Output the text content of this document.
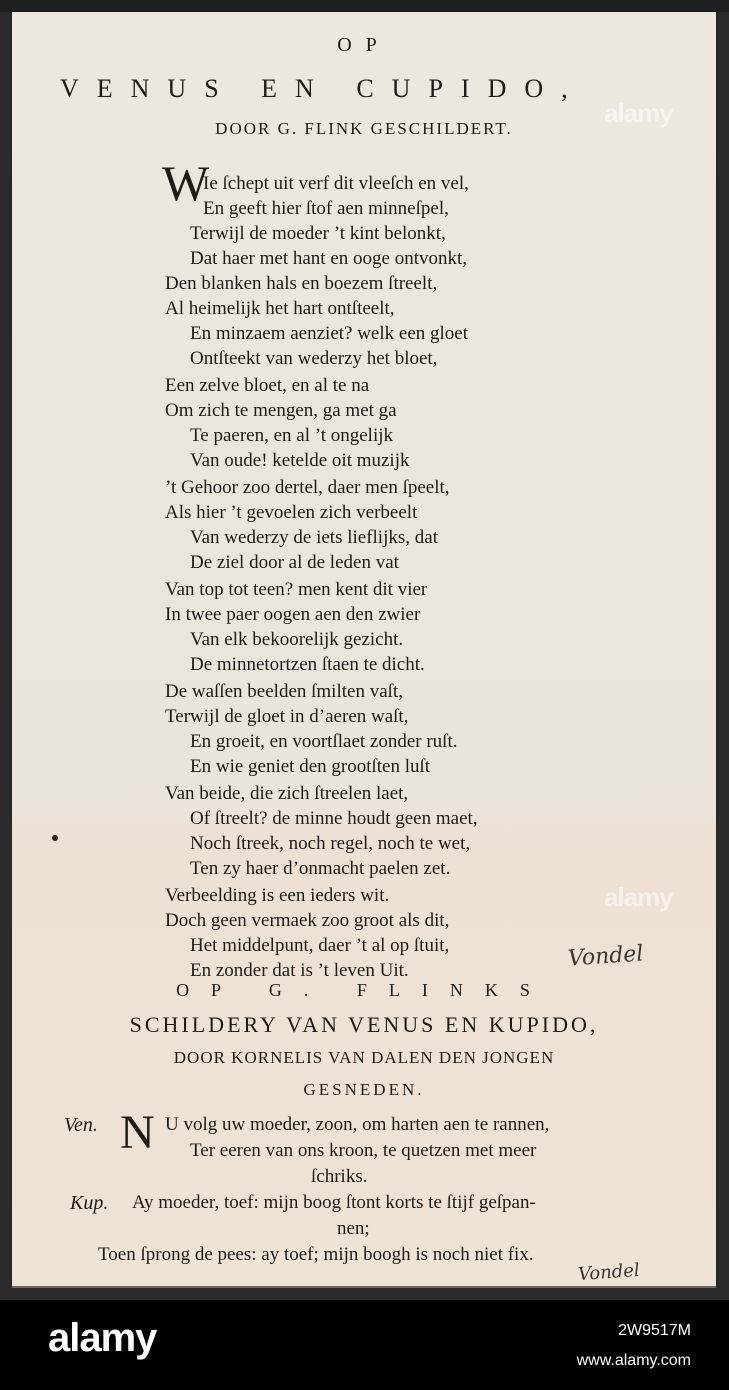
OP
VENUS EN CUPIDO,
DOOR G. FLINK GESCHILDERT.
W
Ie ſchept uit verf dit vleeſch en vel,
En geeft hier ſtof aen minneſpel,
Terwijl de moeder ’t kint belonkt,
Dat haer met hant en ooge ontvonkt,
Den blanken hals en boezem ſtreelt,
Al heimelijk het hart ontſteelt,
En minzaem aenziet? welk een gloet
Ontſteekt van wederzy het bloet,
Een zelve bloet, en al te na
Om zich te mengen, ga met ga
Te paeren, en al ’t ongelijk
Van oude! ketelde oit muzijk
’t Gehoor zoo dertel, daer men ſpeelt,
Als hier ’t gevoelen zich verbeelt
Van wederzy de iets lieflijks, dat
De ziel door al de leden vat
Van top tot teen? men kent dit vier
In twee paer oogen aen den zwier
Van elk bekoorelijk gezicht.
De minnetortzen ſtaen te dicht.
De waſſen beelden ſmilten vaſt,
Terwijl de gloet in d’aeren waſt,
En groeit, en voortſlaet zonder ruſt.
En wie geniet den grootſten luſt
Van beide, die zich ſtreelen laet,
Of ſtreelt? de minne houdt geen maet,
Noch ſtreek, noch regel, noch te wet,
Ten zy haer d’onmacht paelen zet.
Verbeelding is een ieders wit.
Doch geen vermaek zoo groot als dit,
Het middelpunt, daer ’t al op ſtuit,
En zonder dat is ’t leven Uit.	Vondel
OP G. FLINKS
SCHILDERY VAN VENUS EN KUPIDO,
DOOR KORNELIS VAN DALEN DEN JONGEN
GESNEDEN.
Ven. N U volg uw moeder, zoon, om harten aen te rannen,
Ter eeren van ons kroon, te quetzen met meer
ſchriks.
Kup. Ay moeder, toef: mijn boog ſtont korts te ſtijf geſpan-
nen;
Toen ſprong de pees: ay toef; mijn boogh is noch niet fix.
Vondel
alamy
alamy
alamy	2W9517M
www.alamy.com
